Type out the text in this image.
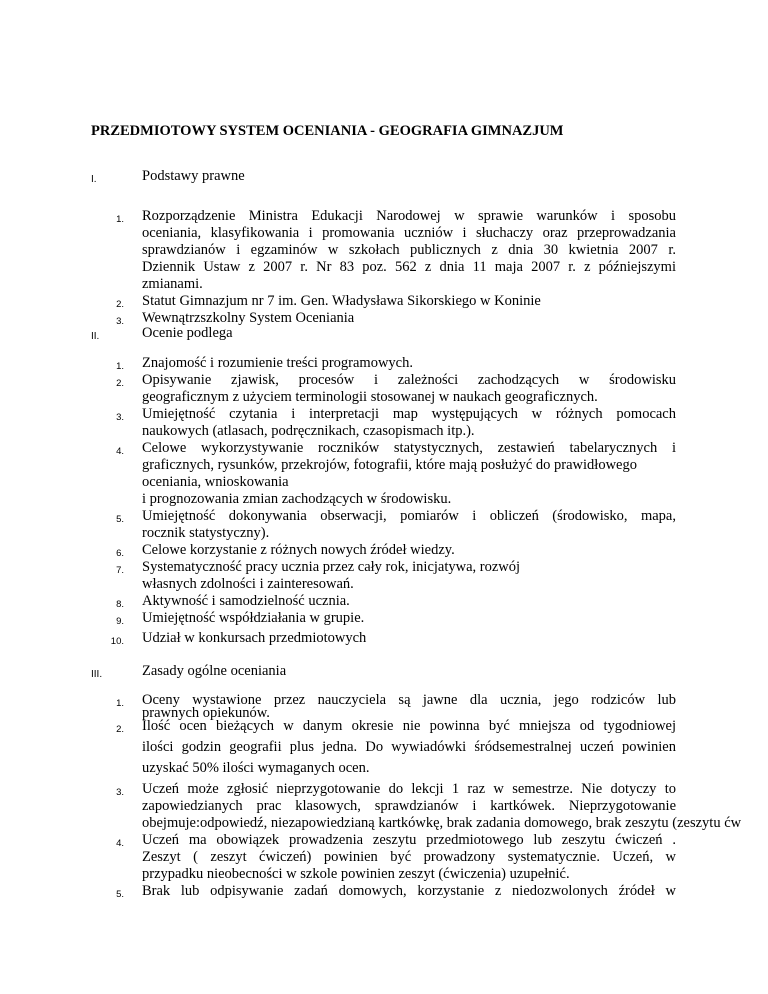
PRZEDMIOTOWY SYSTEM OCENIANIA - GEOGRAFIA GIMNAZJUM
I.	Podstawy prawne
1. Rozporządzenie Ministra Edukacji Narodowej w sprawie warunków i sposobu
oceniania, klasyfikowania i promowania uczniów i słuchaczy oraz przeprowadzania
sprawdzianów i egzaminów w szkołach publicznych z dnia 30 kwietnia 2007 r.
Dziennik Ustaw z 2007 r. Nr 83 poz. 562 z dnia 11 maja 2007 r. z późniejszymi
zmianami.
2. Statut Gimnazjum nr 7 im. Gen. Władysława Sikorskiego w Koninie
3. Wewnątrzszkolny System Oceniania
II.	Ocenie podlega
1. Znajomość i rozumienie treści programowych.
2. Opisywanie zjawisk, procesów i zależności zachodzących w środowisku
geograficznym z użyciem terminologii stosowanej w naukach geograficznych.
3. Umiejętność czytania i interpretacji map występujących w różnych pomocach
naukowych (atlasach, podręcznikach, czasopismach itp.).
4. Celowe wykorzystywanie roczników statystycznych, zestawień tabelarycznych i
graficznych, rysunków, przekrojów, fotografii, które mają posłużyć do prawidłowego
oceniania, wnioskowania
i prognozowania zmian zachodzących w środowisku.
5. Umiejętność dokonywania obserwacji, pomiarów i obliczeń (środowisko, mapa,
rocznik statystyczny).
6. Celowe korzystanie z różnych nowych źródeł wiedzy.
7. Systematyczność pracy ucznia przez cały rok, inicjatywa, rozwój
własnych zdolności i zainteresowań.
8. Aktywność i samodzielność ucznia.
9. Umiejętność współdziałania w grupie.
10. Udział w konkursach przedmiotowych
III.	Zasady ogólne oceniania
1. Oceny wystawione przez nauczyciela są jawne dla ucznia, jego rodziców lub
prawnych opiekunów.
2. Ilość ocen bieżących w danym okresie nie powinna być mniejsza od tygodniowej
ilości godzin geografii plus jedna. Do wywiadówki śródsemestralnej uczeń powinien
uzyskać 50% ilości wymaganych ocen.
3. Uczeń może zgłosić nieprzygotowanie do lekcji 1 raz w semestrze. Nie dotyczy to
zapowiedzianych prac klasowych, sprawdzianów i kartkówek. Nieprzygotowanie
obejmuje:odpowiedź, niezapowiedzianą kartkówkę, brak zadania domowego, brak zeszytu (zeszytu ćw
4. Uczeń ma obowiązek prowadzenia zeszytu przedmiotowego lub zeszytu ćwiczeń .
Zeszyt ( zeszyt ćwiczeń) powinien być prowadzony systematycznie. Uczeń, w
przypadku nieobecności w szkole powinien zeszyt (ćwiczenia) uzupełnić.
5. Brak lub odpisywanie zadań domowych, korzystanie z niedozwolonych źródeł w
